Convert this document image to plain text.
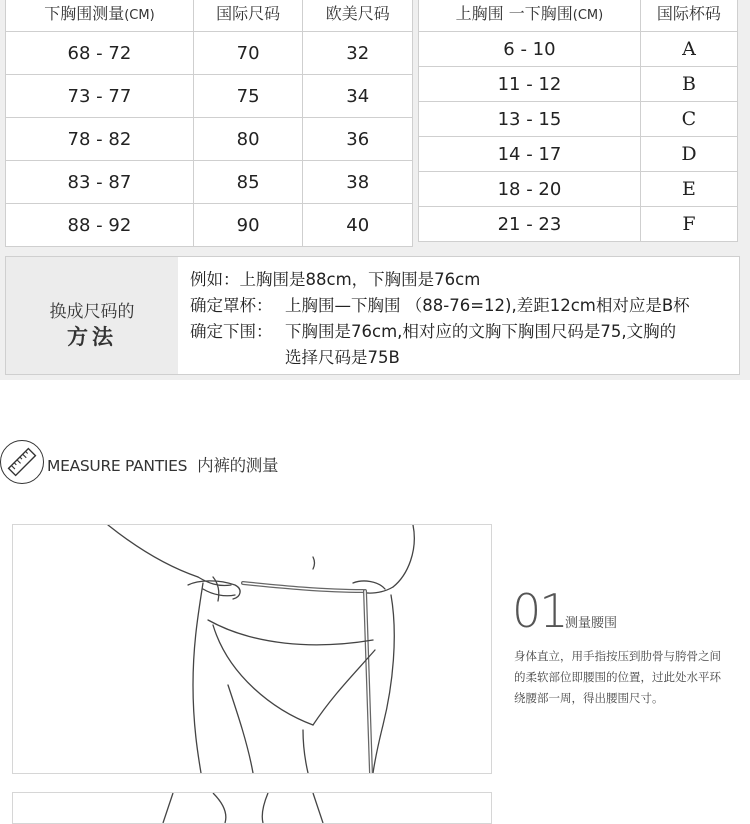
下胸围测量(CM)	国际尺码	欧美尺码
68 - 72	70	32
73 - 77	75	34
78 - 82	80	36
83 - 87	85	38
88 - 92	90	40
上胸围 一下胸围(CM)	国际杯码
6 - 10	A
11 - 12	B
13 - 15	C
14 - 17	D
18 - 20	E
21 - 23	F
换成尺码的
方法
例如：上胸围是88cm，下胸围是76cm
确定罩杯： 上胸围—下胸围 （88-76=12),差距12cm相对应是B杯
确定下围： 下胸围是76cm,相对应的文胸下胸围尺码是75,文胸的
选择尺码是75B
MEASURE PANTIES 内裤的测量
01
测量腰围
身体直立，用手指按压到肋骨与胯骨之间的柔软部位即腰围的位置，过此处水平环绕腰部一周，得出腰围尺寸。
